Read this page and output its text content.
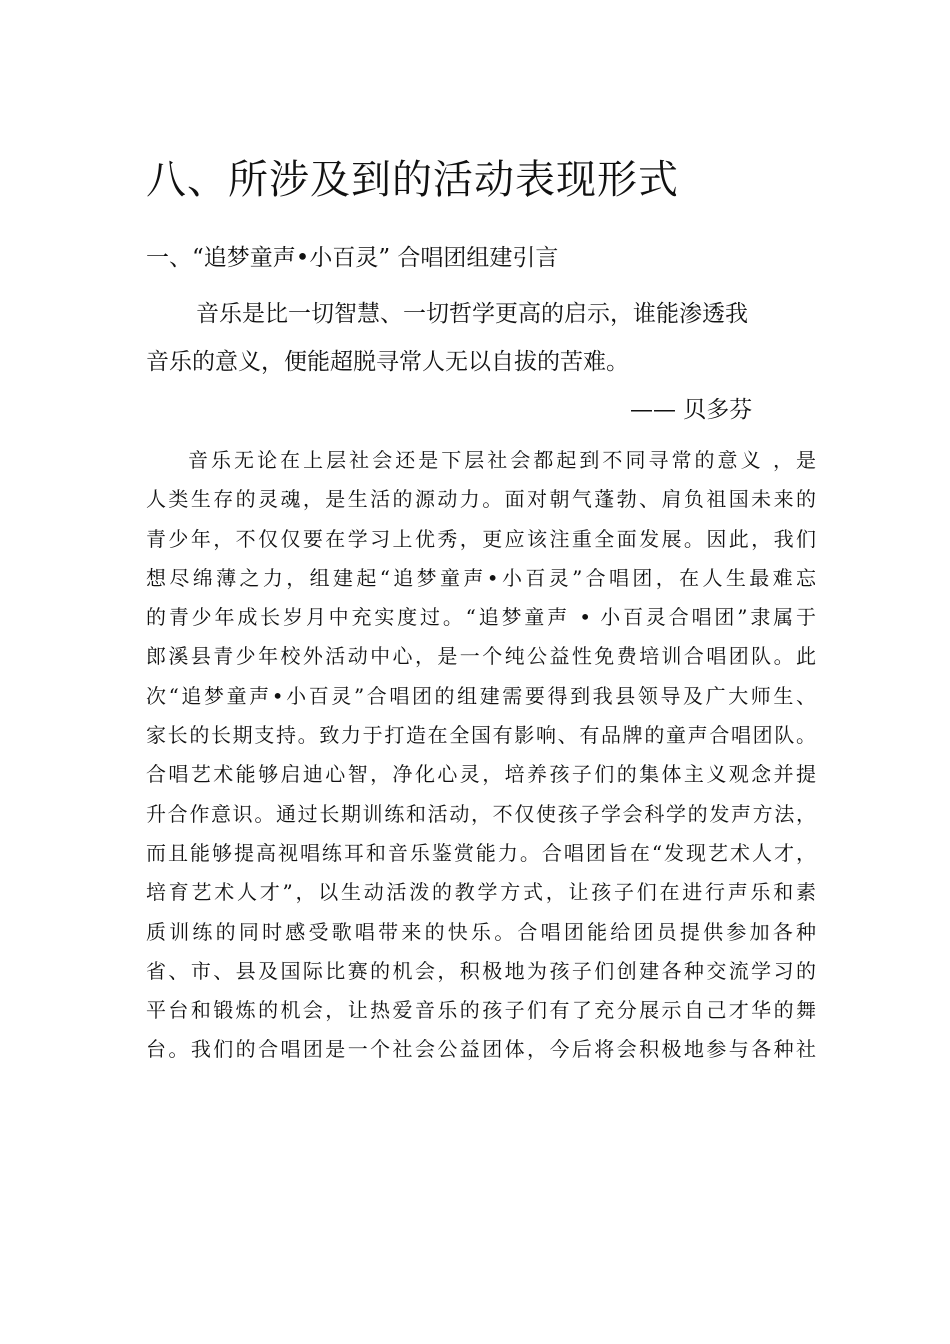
八、所涉及到的活动表现形式
一、“追梦童声•小百灵” 合唱团组建引言
音乐是比一切智慧、一切哲学更高的启示，谁能渗透我
音乐的意义，便能超脱寻常人无以自拔的苦难。
—— 贝多芬
音乐无论在上层社会还是下层社会都起到不同寻常的意义 ，是
人类生存的灵魂，是生活的源动力。面对朝气蓬勃、肩负祖国未来的
青少年，不仅仅要在学习上优秀，更应该注重全面发展。因此，我们
想尽绵薄之力，组建起“追梦童声•小百灵”合唱团，在人生最难忘
的青少年成长岁月中充实度过。“追梦童声 • 小百灵合唱团”隶属于
郎溪县青少年校外活动中心，是一个纯公益性免费培训合唱团队。此
次“追梦童声•小百灵”合唱团的组建需要得到我县领导及广大师生、
家长的长期支持。致力于打造在全国有影响、有品牌的童声合唱团队。
合唱艺术能够启迪心智，净化心灵，培养孩子们的集体主义观念并提
升合作意识。通过长期训练和活动，不仅使孩子学会科学的发声方法，
而且能够提高视唱练耳和音乐鉴赏能力。合唱团旨在“发现艺术人才，
培育艺术人才”，以生动活泼的教学方式，让孩子们在进行声乐和素
质训练的同时感受歌唱带来的快乐。合唱团能给团员提供参加各种
省、市、县及国际比赛的机会，积极地为孩子们创建各种交流学习的
平台和锻炼的机会，让热爱音乐的孩子们有了充分展示自己才华的舞
台。我们的合唱团是一个社会公益团体，今后将会积极地参与各种社
